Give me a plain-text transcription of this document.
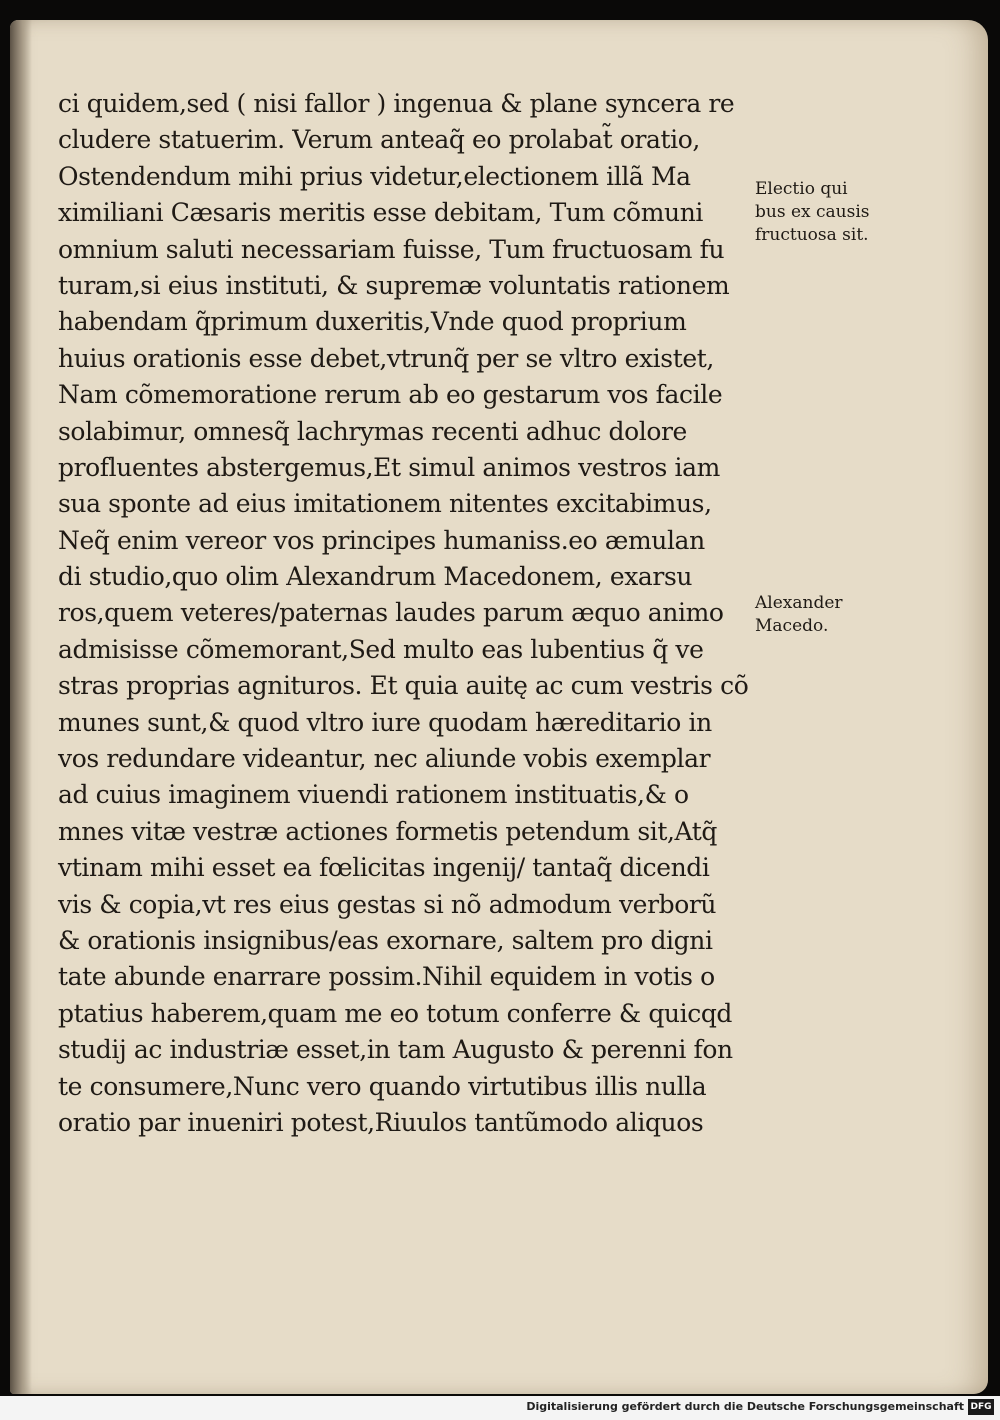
ci quidem,sed ( nisi fallor ) ingenua & plane syncera re
cludere statuerim. Verum anteaq̃ eo prolabat̃ oratio,
Ostendendum mihi prius videtur,electionem illã Ma
ximiliani Cæsaris meritis esse debitam, Tum cõmuni
omnium saluti necessariam fuisse, Tum fructuosam fu
turam,si eius instituti, & supremæ voluntatis rationem
habendam q̃primum duxeritis,Vnde quod proprium
huius orationis esse debet,vtrunq̃ per se vltro existet,
Nam cõmemoratione rerum ab eo gestarum vos facile
solabimur, omnesq̃ lachrymas recenti adhuc dolore
profluentes abstergemus,Et simul animos vestros iam
sua sponte ad eius imitationem nitentes excitabimus,
Neq̃ enim vereor vos principes humaniss.eo æmulan
di studio,quo olim Alexandrum Macedonem, exarsu
ros,quem veteres/paternas laudes parum æquo animo
admisisse cõmemorant,Sed multo eas lubentius q̃ ve
stras proprias agnituros. Et quia auitę ac cum vestris cõ
munes sunt,& quod vltro iure quodam hæreditario in
vos redundare videantur, nec aliunde vobis exemplar
ad cuius imaginem viuendi rationem instituatis,& o
mnes vitæ vestræ actiones formetis petendum sit,Atq̃
vtinam mihi esset ea fœlicitas ingenij/ tantaq̃ dicendi
vis & copia,vt res eius gestas si nõ admodum verborũ
& orationis insignibus/eas exornare, saltem pro digni
tate abunde enarrare possim.Nihil equidem in votis o
ptatius haberem,quam me eo totum conferre & quicqd
studij ac industriæ esset,in tam Augusto & perenni fon
te consumere,Nunc vero quando virtutibus illis nulla
oratio par inueniri potest,Riuulos tantũmodo aliquos
Electio qui
bus ex causis
fructuosa sit.
Alexander
Macedo.
Digitalisierung gefördert durch die Deutsche Forschungsgemeinschaft DFG
